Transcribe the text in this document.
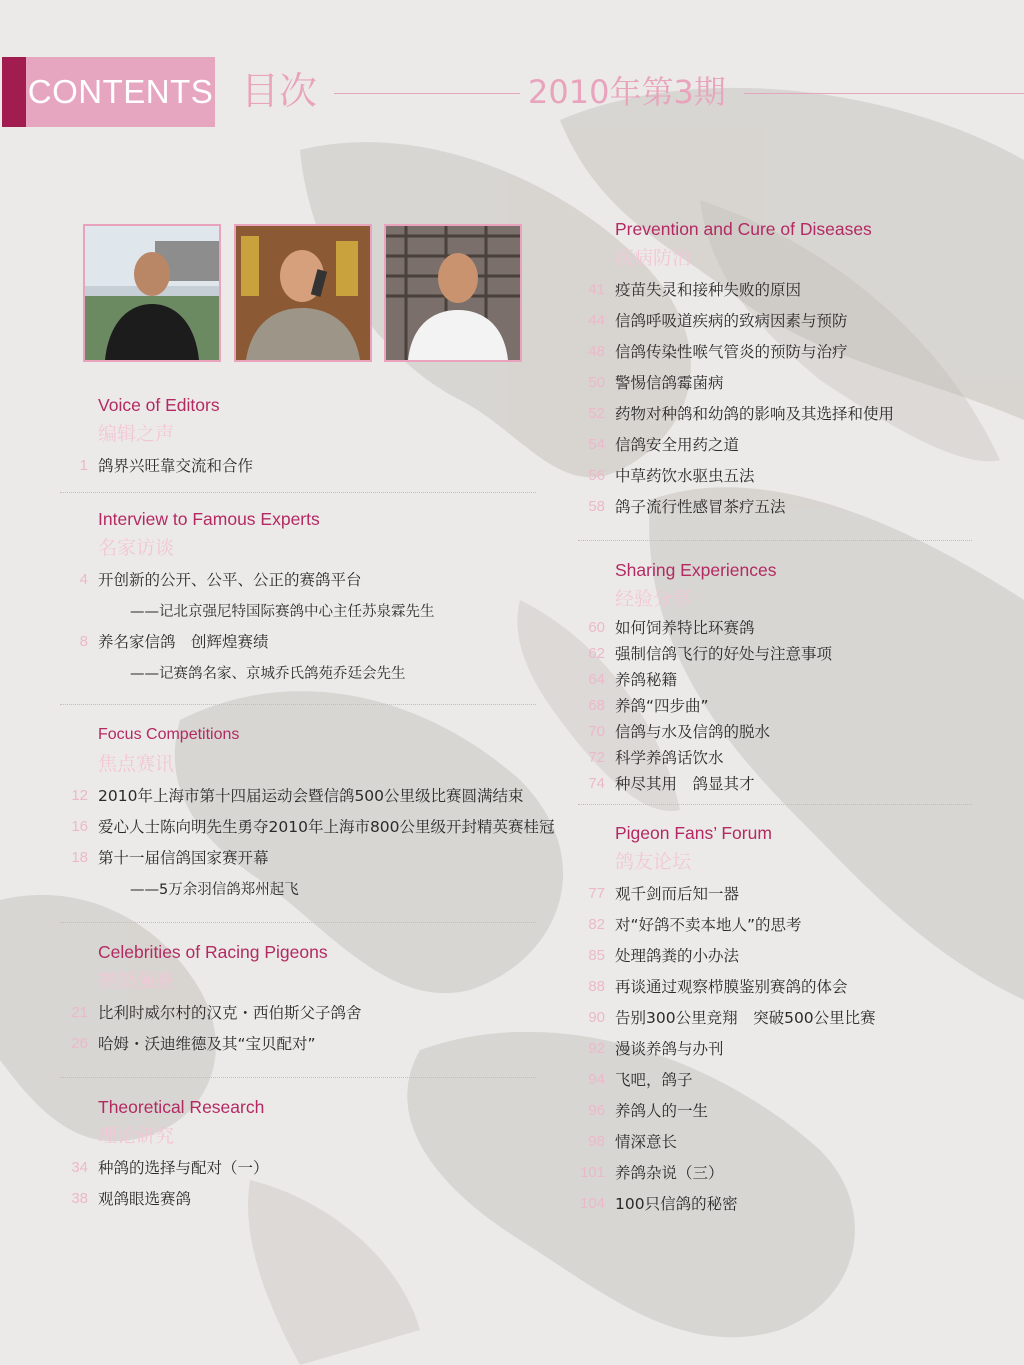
CONTENTS 目次	2010年第3期
Voice of Editors
编辑之声
1 鸽界兴旺靠交流和合作
Interview to Famous Experts
名家访谈
4 开创新的公开、公平、公正的赛鸽平台
——记北京强尼特国际赛鸽中心主任苏泉霖先生
8 养名家信鸽　创辉煌赛绩
——记赛鸽名家、京城乔氏鸽苑乔廷会先生
Focus Competitions
焦点赛讯
12 2010年上海市第十四届运动会暨信鸽500公里级比赛圆满结束
16 爱心人士陈向明先生勇夺2010年上海市800公里级开封精英赛桂冠
18 第十一届信鸽国家赛开幕
——5万余羽信鸽郑州起飞
Celebrities of Racing Pigeons
赛鸽强豪
21 比利时威尔村的汉克・西伯斯父子鸽舍
26 哈姆・沃迪维德及其“宝贝配对”
Theoretical Research
理论研究
34 种鸽的选择与配对（一）
38 观鸽眼选赛鸽
Prevention and Cure of Diseases
疾病防治
41 疫苗失灵和接种失败的原因
44 信鸽呼吸道疾病的致病因素与预防
48 信鸽传染性喉气管炎的预防与治疗
50 警惕信鸽霉菌病
52 药物对种鸽和幼鸽的影响及其选择和使用
54 信鸽安全用药之道
56 中草药饮水驱虫五法
58 鸽子流行性感冒茶疗五法
Sharing Experiences
经验分享
60 如何饲养特比环赛鸽
62 强制信鸽飞行的好处与注意事项
64 养鸽秘籍
68 养鸽“四步曲”
70 信鸽与水及信鸽的脱水
72 科学养鸽话饮水
74 种尽其用　鸽显其才
Pigeon Fans’ Forum
鸽友论坛
77 观千剑而后知一器
82 对“好鸽不卖本地人”的思考
85 处理鸽粪的小办法
88 再谈通过观察栉膜鉴别赛鸽的体会
90 告别300公里竞翔　突破500公里比赛
92 漫谈养鸽与办刊
94 飞吧，鸽子
96 养鸽人的一生
98 情深意长
101 养鸽杂说（三）
104 100只信鸽的秘密
